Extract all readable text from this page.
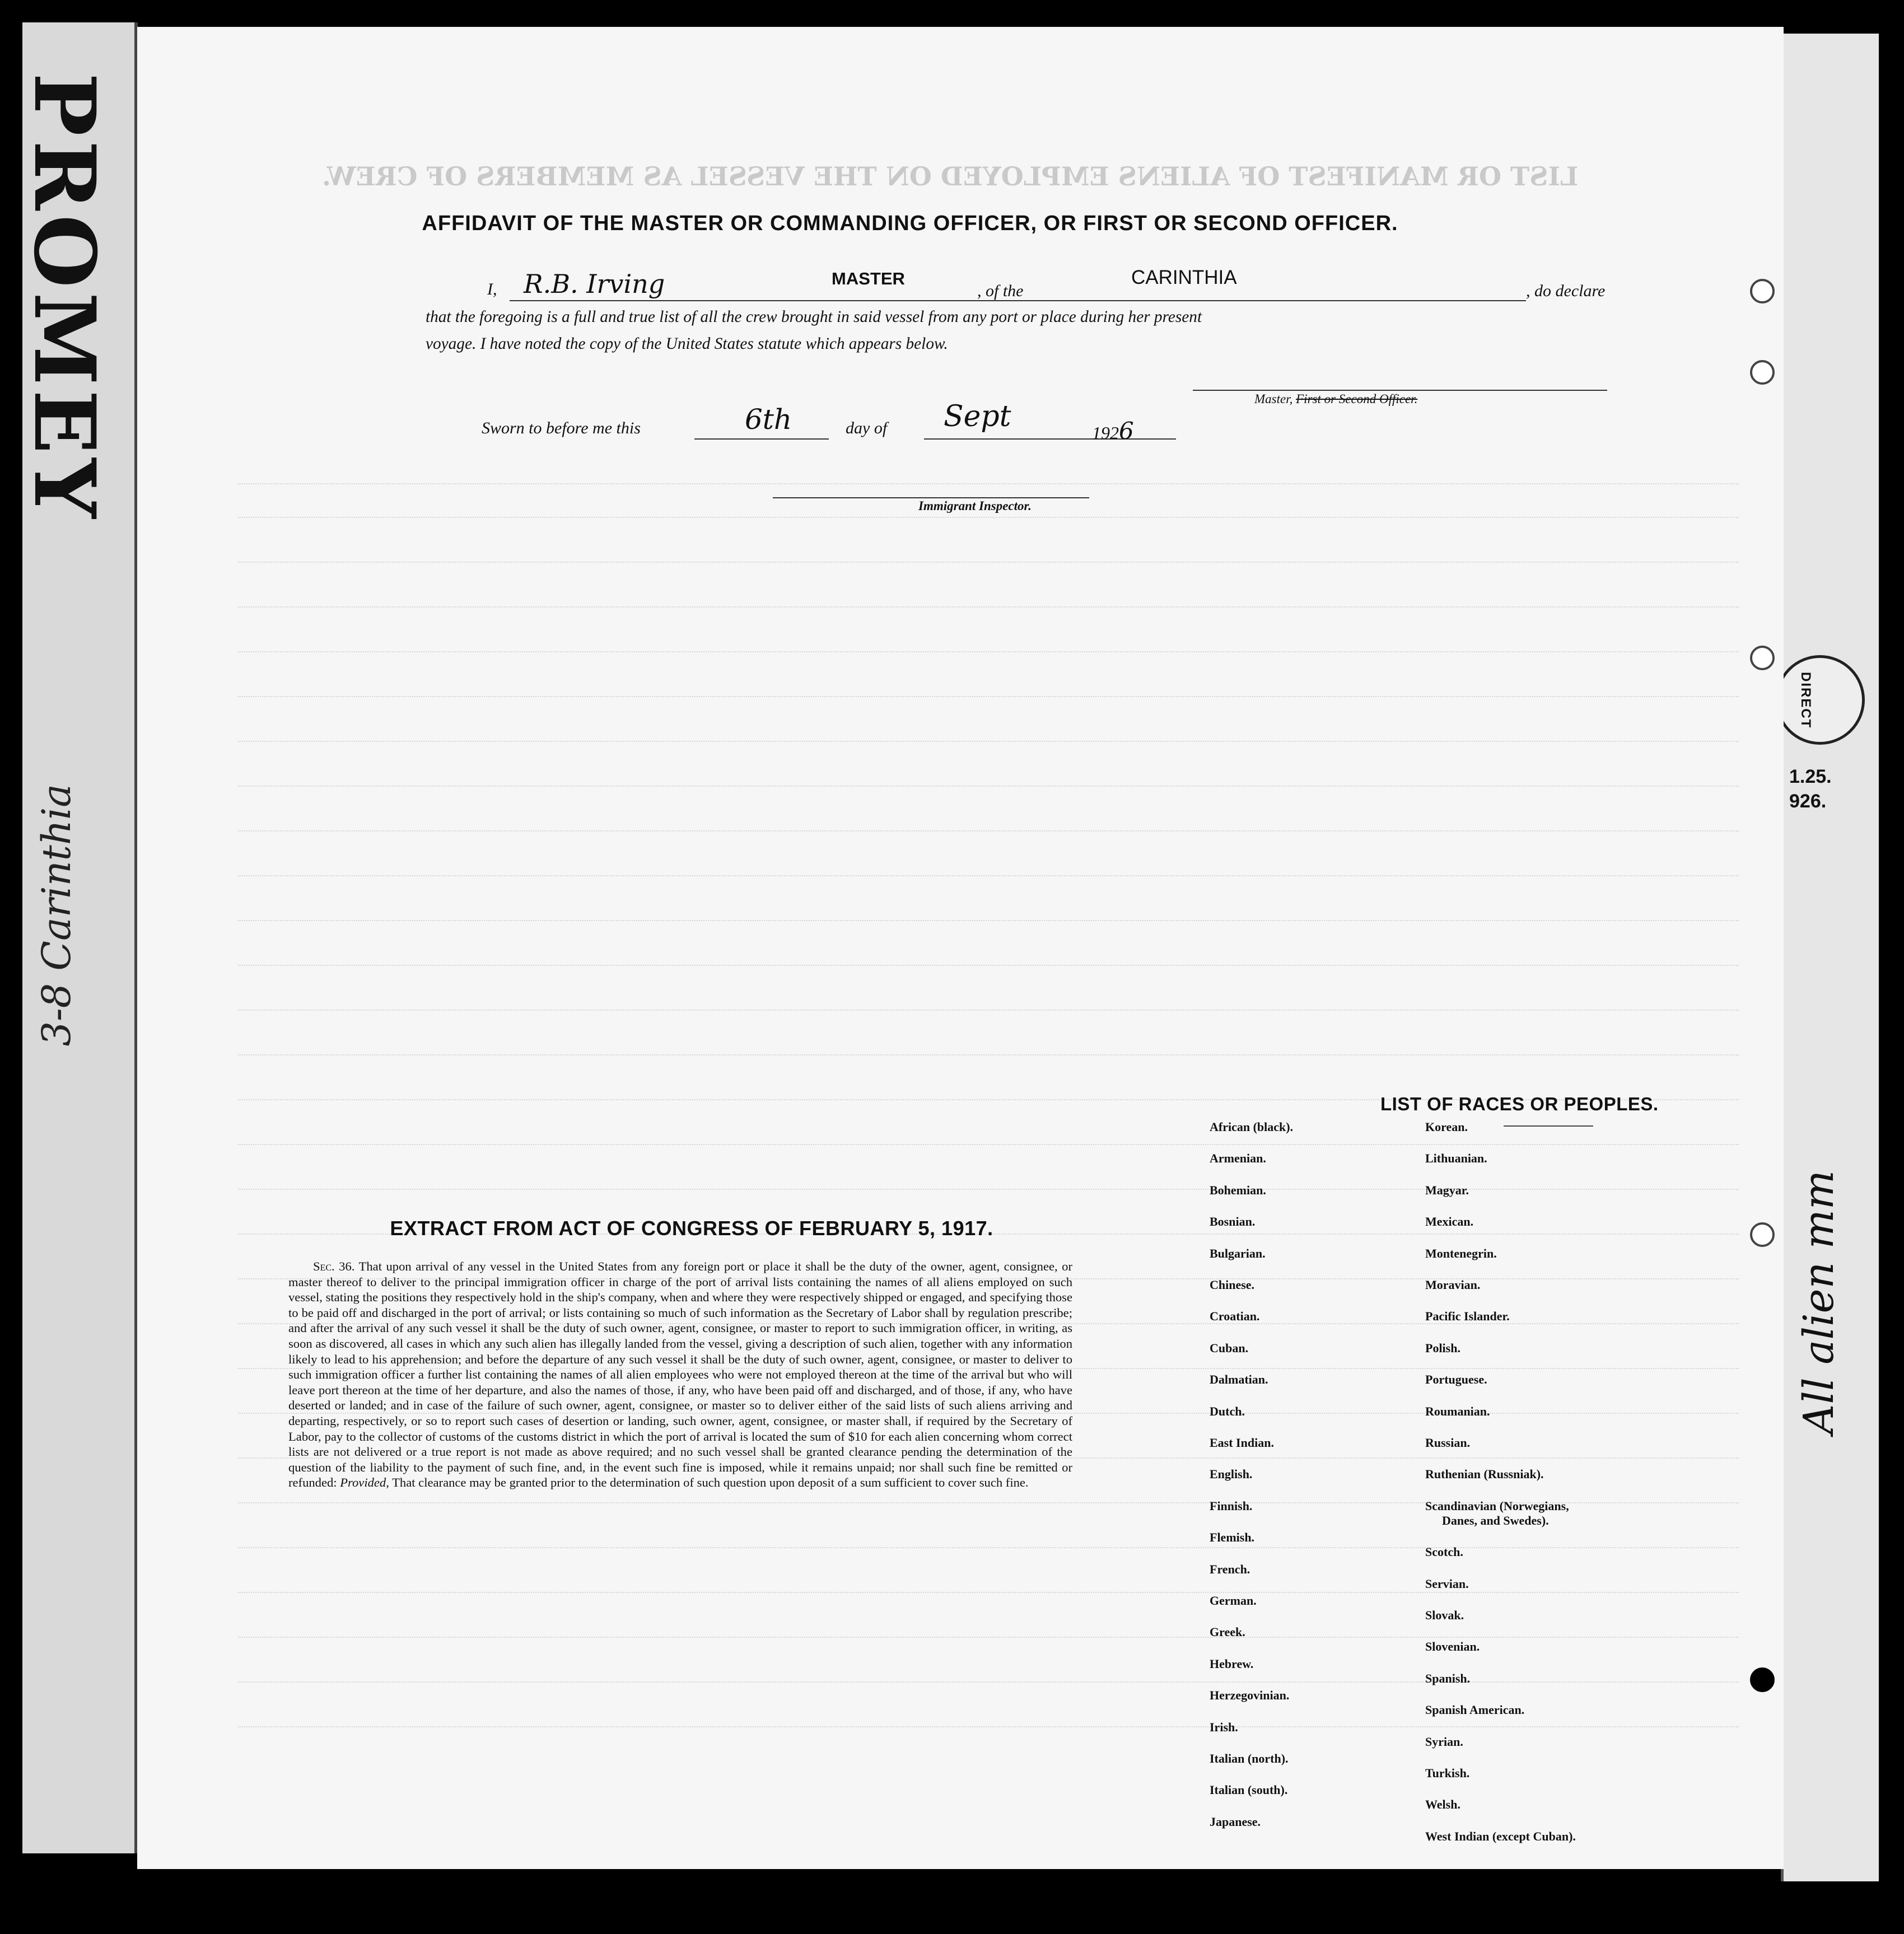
PROMEY
3-8 Carinthia
DIRECT
1.25.
926.
All alien mm
LIST OR MANIFEST OF ALIENS EMPLOYED ON THE VESSEL AS MEMBERS OF CREW.
AFFIDAVIT OF THE MASTER OR COMMANDING OFFICER, OR FIRST OR SECOND OFFICER.
I, R.B. Irving	MASTER
, of the
CARINTHIA
, do declare
that the foregoing is a full and true list of all the crew brought in said vessel from any port or place during her present
voyage. I have noted the copy of the United States statute which appears below.
Master, First or Second Officer.
Sworn to before me this	6th	day of Sept	1926
Immigrant Inspector.
EXTRACT FROM ACT OF CONGRESS OF FEBRUARY 5, 1917.
Sec. 36. That upon arrival of any vessel in the United States from any foreign port or place it shall be the duty of the owner, agent, consignee, or master thereof to deliver to the principal immigration officer in charge of the port of arrival lists containing the names of all aliens employed on such vessel, stating the positions they respectively hold in the ship's company, when and where they were respectively shipped or engaged, and specifying those to be paid off and discharged in the port of arrival; or lists containing so much of such information as the Secretary of Labor shall by regulation prescribe; and after the arrival of any such vessel it shall be the duty of such owner, agent, consignee, or master to report to such immigration officer, in writing, as soon as discovered, all cases in which any such alien has illegally landed from the vessel, giving a description of such alien, together with any information likely to lead to his apprehension; and before the departure of any such vessel it shall be the duty of such owner, agent, consignee, or master to deliver to such immigration officer a further list containing the names of all alien employees who were not employed thereon at the time of the arrival but who will leave port thereon at the time of her departure, and also the names of those, if any, who have been paid off and discharged, and of those, if any, who have deserted or landed; and in case of the failure of such owner, agent, consignee, or master so to deliver either of the said lists of such aliens arriving and departing, respectively, or so to report such cases of desertion or landing, such owner, agent, consignee, or master shall, if required by the Secretary of Labor, pay to the collector of customs of the customs district in which the port of arrival is located the sum of $10 for each alien concerning whom correct lists are not delivered or a true report is not made as above required; and no such vessel shall be granted clearance pending the determination of the question of the liability to the payment of such fine, and, in the event such fine is imposed, while it remains unpaid; nor shall such fine be remitted or refunded: Provided, That clearance may be granted prior to the determination of such question upon deposit of a sum sufficient to cover such fine.
LIST OF RACES OR PEOPLES.
African (black).
Armenian.
Bohemian.
Bosnian.
Bulgarian.
Chinese.
Croatian.
Cuban.
Dalmatian.
Dutch.
East Indian.
English.
Finnish.
Flemish.
French.
German.
Greek.
Hebrew.
Herzegovinian.
Irish.
Italian (north).
Italian (south).
Japanese.
Korean.
Lithuanian.
Magyar.
Mexican.
Montenegrin.
Moravian.
Pacific Islander.
Polish.
Portuguese.
Roumanian.
Russian.
Ruthenian (Russniak).
Scandinavian (Norwegians,
Danes, and Swedes).
Scotch.
Servian.
Slovak.
Slovenian.
Spanish.
Spanish American.
Syrian.
Turkish.
Welsh.
West Indian (except Cuban).
